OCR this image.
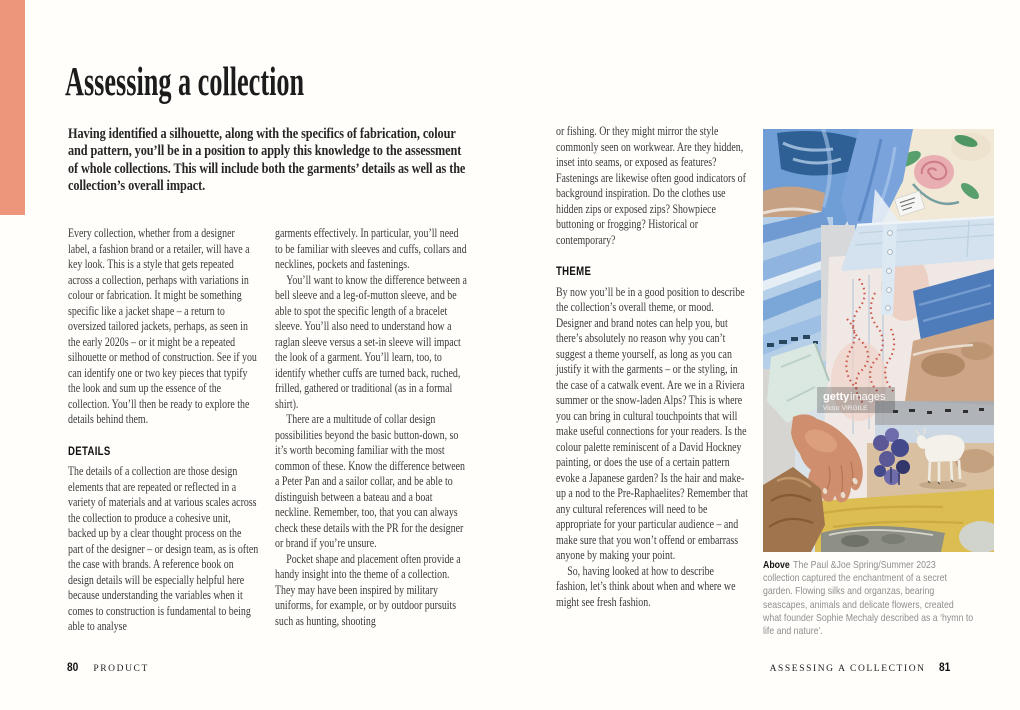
Assessing a collection

Having identified a silhouette, along with the specifics of fabrication, colour and pattern, you’ll be in a position to apply this knowledge to the assessment of whole collections. This will include both the garments’ details as well as the collection’s overall impact.

Every collection, whether from a designer label, a fashion brand or a retailer, will have a key look. This is a style that gets repeated across a collection, perhaps with variations in colour or fabrication. It might be something specific like a jacket shape – a return to oversized tailored jackets, perhaps, as seen in the early 2020s – or it might be a repeated silhouette or method of construction. See if you can identify one or two key pieces that typify the look and sum up the essence of the collection. You’ll then be ready to explore the details behind them.

DETAILS

The details of a collection are those design elements that are repeated or reflected in a variety of materials and at various scales across the collection to produce a cohesive unit, backed up by a clear thought process on the part of the designer – or design team, as is often the case with brands. A reference book on design details will be especially helpful here because understanding the variables when it comes to construction is fundamental to being able to analyse

garments effectively. In particular, you’ll need to be familiar with sleeves and cuffs, collars and necklines, pockets and fastenings.

You’ll want to know the difference between a bell sleeve and a leg-of-mutton sleeve, and be able to spot the specific length of a bracelet sleeve. You’ll also need to understand how a raglan sleeve versus a set-in sleeve will impact the look of a garment. You’ll learn, too, to identify whether cuffs are turned back, ruched, frilled, gathered or traditional (as in a formal shirt).

There are a multitude of collar design possibilities beyond the basic button-down, so it’s worth becoming familiar with the most common of these. Know the difference between a Peter Pan and a sailor collar, and be able to distinguish between a bateau and a boat neckline. Remember, too, that you can always check these details with the PR for the designer or brand if you’re unsure.

Pocket shape and placement often provide a handy insight into the theme of a collection. They may have been inspired by military uniforms, for example, or by outdoor pursuits such as hunting, shooting

or fishing. Or they might mirror the style commonly seen on workwear. Are they hidden, inset into seams, or exposed as features? Fastenings are likewise often good indicators of background inspiration. Do the clothes use hidden zips or exposed zips? Showpiece buttoning or frogging? Historical or contemporary?

THEME

By now you’ll be in a good position to describe the collection’s overall theme, or mood. Designer and brand notes can help you, but there’s absolutely no reason why you can’t suggest a theme yourself, as long as you can justify it with the garments – or the styling, in the case of a catwalk event. Are we in a Riviera summer or the snow-laden Alps? This is where you can bring in cultural touchpoints that will make useful connections for your readers. Is the colour palette reminiscent of a David Hockney painting, or does the use of a certain pattern evoke a Japanese garden? Is the hair and make-up a nod to the Pre-Raphaelites? Remember that any cultural references will need to be appropriate for your particular audience – and make sure that you won’t offend or embarrass anyone by making your point.

So, having looked at how to describe fashion, let’s think about when and where we might see fresh fashion.

getty images
Victor VIRGILE
Above The Paul &Joe Spring/Summer 2023 collection captured the enchantment of a secret garden. Flowing silks and organzas, bearing seascapes, animals and delicate flowers, created what founder Sophie Mechaly described as a ‘hymn to life and nature’.
80 PRODUCT	ASSESSING A COLLECTION 81
